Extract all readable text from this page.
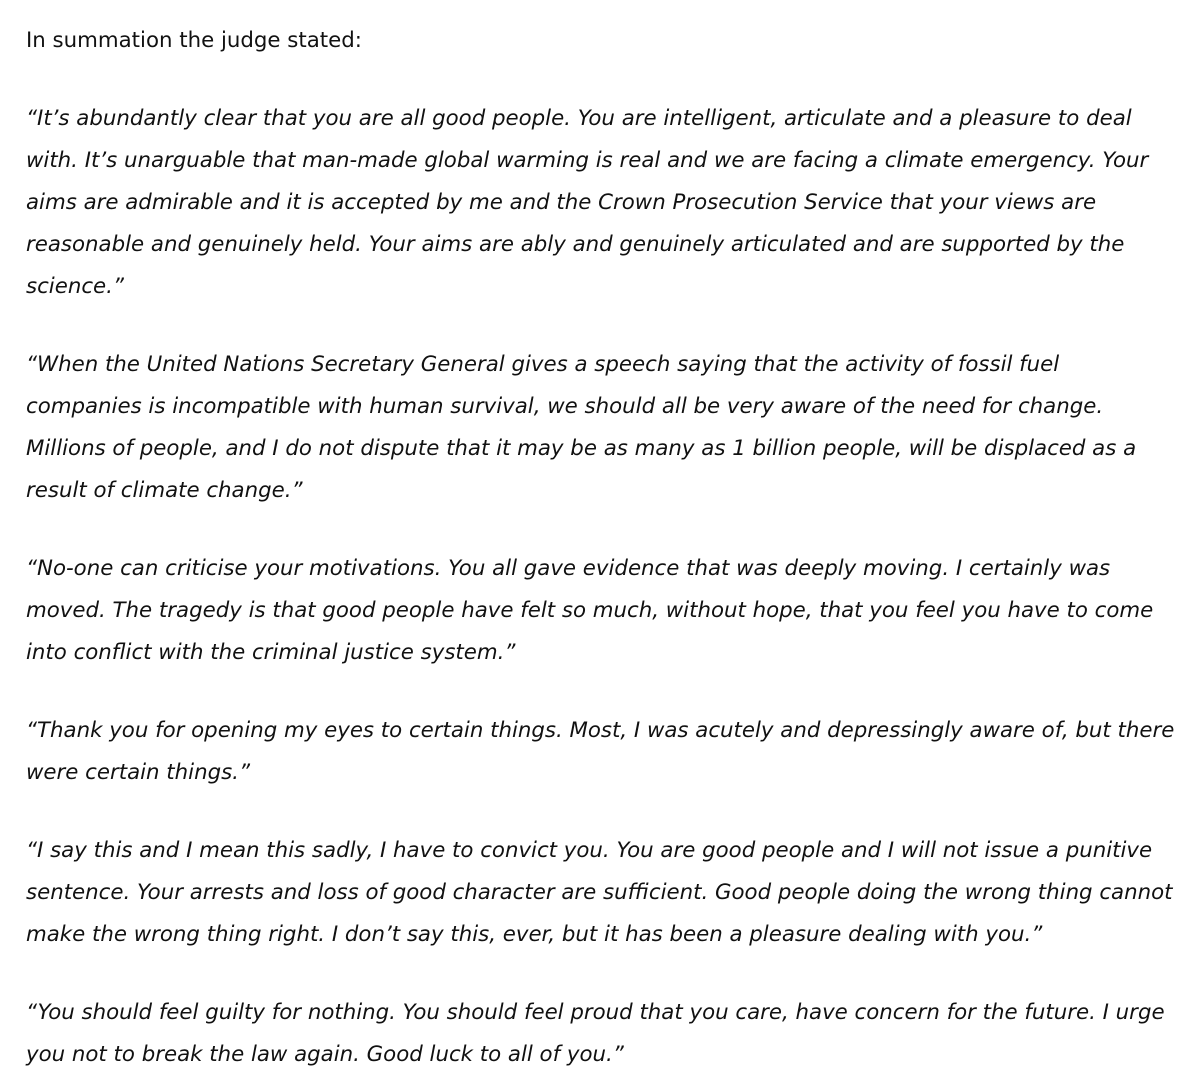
In summation the judge stated:

“It’s abundantly clear that you are all good people. You are intelligent, articulate and a pleasure to deal with. It’s unarguable that man-made global warming is real and we are facing a climate emergency. Your aims are admirable and it is accepted by me and the Crown Prosecution Service that your views are reasonable and genuinely held. Your aims are ably and genuinely articulated and are supported by the science.”

“When the United Nations Secretary General gives a speech saying that the activity of fossil fuel companies is incompatible with human survival, we should all be very aware of the need for change. Millions of people, and I do not dispute that it may be as many as 1 billion people, will be displaced as a result of climate change.”

“No-one can criticise your motivations. You all gave evidence that was deeply moving. I certainly was moved. The tragedy is that good people have felt so much, without hope, that you feel you have to come into conflict with the criminal justice system.”

“Thank you for opening my eyes to certain things. Most, I was acutely and depressingly aware of, but there were certain things.”

“I say this and I mean this sadly, I have to convict you. You are good people and I will not issue a punitive sentence. Your arrests and loss of good character are sufficient. Good people doing the wrong thing cannot make the wrong thing right. I don’t say this, ever, but it has been a pleasure dealing with you.”

“You should feel guilty for nothing. You should feel proud that you care, have concern for the future. I urge you not to break the law again. Good luck to all of you.”
